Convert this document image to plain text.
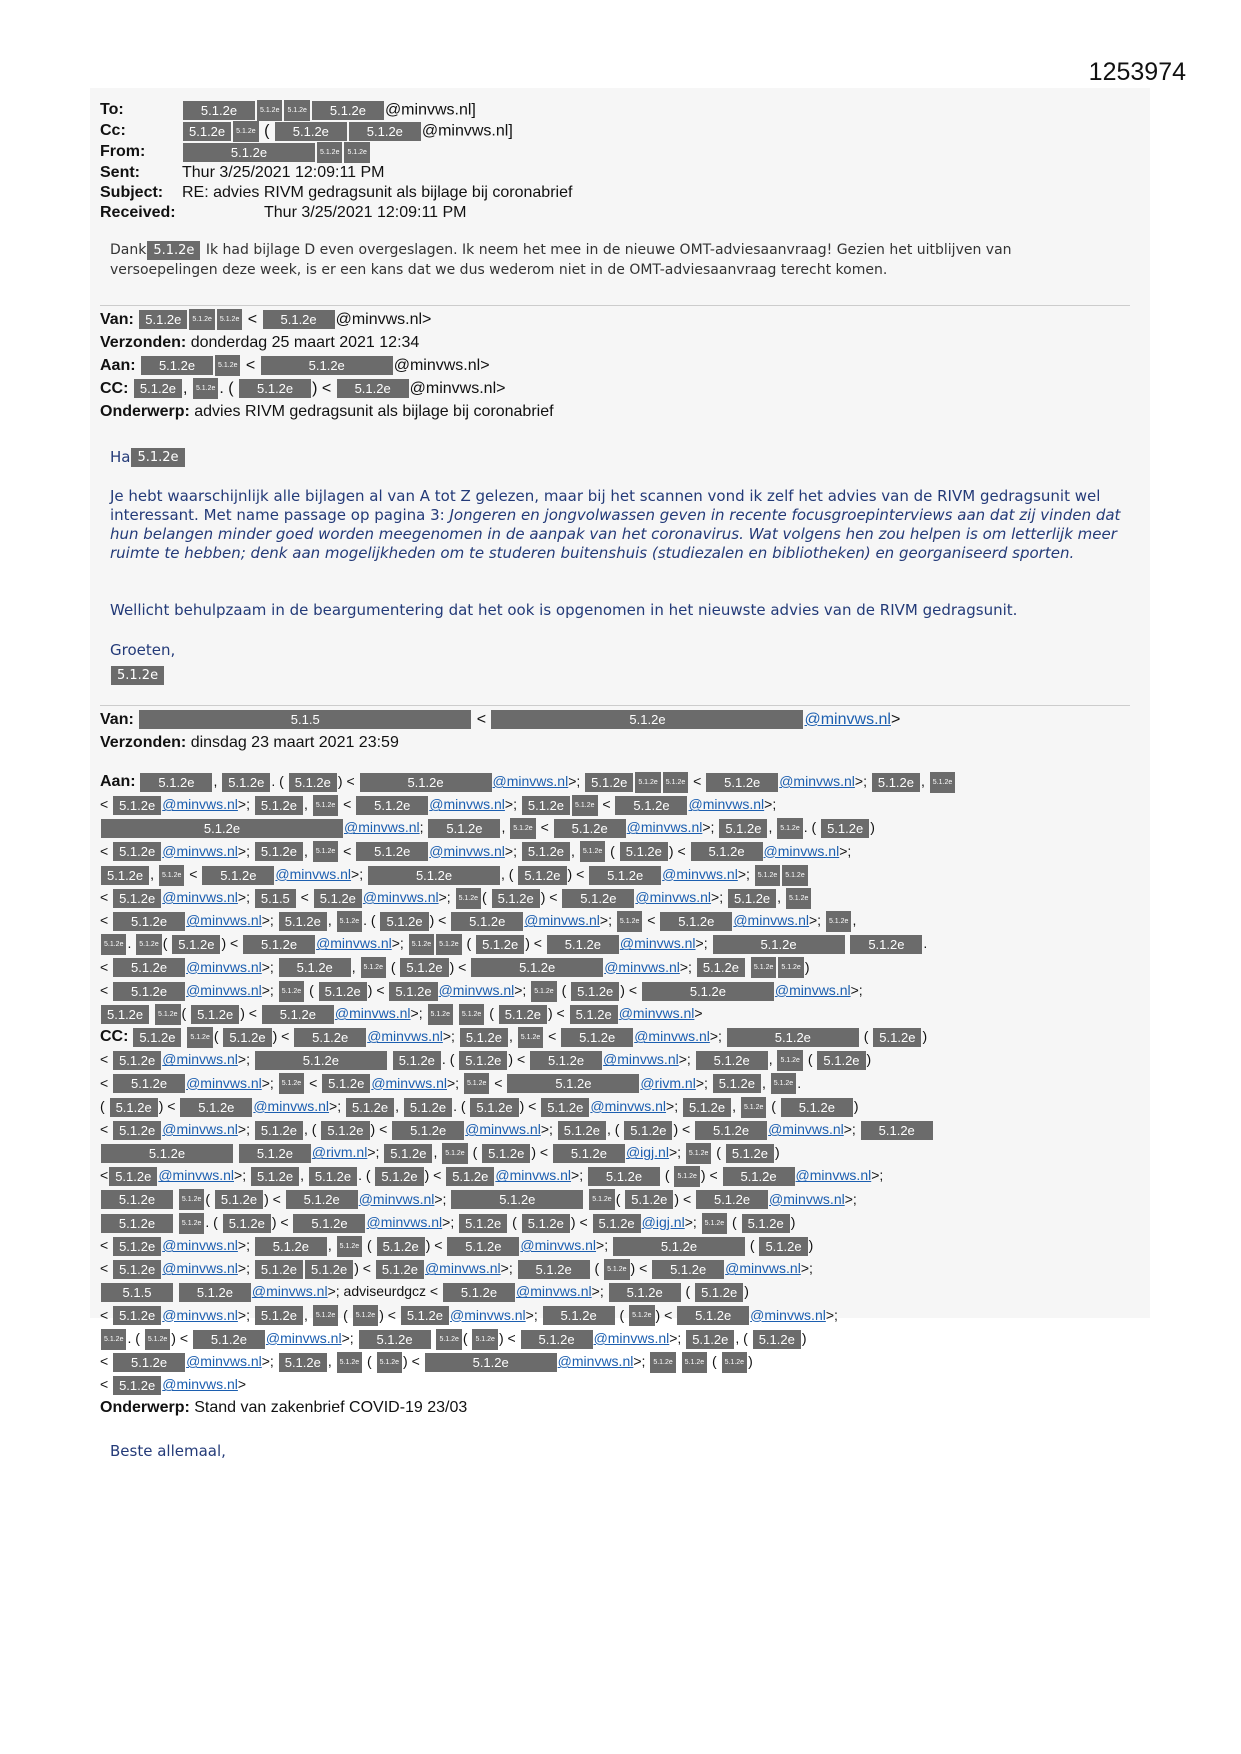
1253974
To:	5.1.2e	5.1.2e 5.1.2e 5.1.2e @minvws.nl]
Cc:	5.1.2e 5.1.2e ( 5.1.2e	5.1.2e @minvws.nl]
From:	5.1.2e	5.1.2e 5.1.2e
Sent:	Thur 3/25/2021 12:09:11 PM
Subject:	RE: advies RIVM gedragsunit als bijlage bij coronabrief
Received:	Thur 3/25/2021 12:09:11 PM
Dank 5.1.2e Ik had bijlage D even overgeslagen. Ik neem het mee in de nieuwe OMT-adviesaanvraag! Gezien het uitblijven van versoepelingen deze week, is er een kans dat we dus wederom niet in de OMT-adviesaanvraag terecht komen.
Van: 5.1.2e 5.1.2e 5.1.2e < 5.1.2e @minvws.nl>
Verzonden: donderdag 25 maart 2021 12:34
Aan: 5.1.2e	5.1.2e <	5.1.2e	@minvws.nl>
CC: 5.1.2e , 5.1.2e . ( 5.1.2e ) < 5.1.2e @minvws.nl>
Onderwerp: advies RIVM gedragsunit als bijlage bij coronabrief
Ha 5.1.2e
Je hebt waarschijnlijk alle bijlagen al van A tot Z gelezen, maar bij het scannen vond ik zelf het advies van de RIVM gedragsunit wel interessant. Met name passage op pagina 3: Jongeren en jongvolwassen geven in recente focusgroepinterviews aan dat zij vinden dat hun belangen minder goed worden meegenomen in de aanpak van het coronavirus. Wat volgens hen zou helpen is om letterlijk meer ruimte te hebben; denk aan mogelijkheden om te studeren buitenshuis (studiezalen en bibliotheken) en georganiseerd sporten.
Wellicht behulpzaam in de beargumentering dat het ook is opgenomen in het nieuwste advies van de RIVM gedragsunit.
Groeten,
5.1.2e
Van:	5.1.5	<	5.1.2e	@minvws.nl>
Verzonden: dinsdag 23 maart 2021 23:59
Aan: 5.1.2e , 5.1.2e . ( 5.1.2e ) <	5.1.2e	@minvws.nl>; 5.1.2e 5.1.2e 5.1.2e < 5.1.2e @minvws.nl>; 5.1.2e , 5.1.2e
< 5.1.2e @minvws.nl>; 5.1.2e , 5.1.2e < 5.1.2e @minvws.nl>; 5.1.2e 5.1.2e < 5.1.2e @minvws.nl>;
5.1.2e	@minvws.nl; 5.1.2e , 5.1.2e < 5.1.2e @minvws.nl>; 5.1.2e , 5.1.2e . ( 5.1.2e )
< 5.1.2e @minvws.nl>; 5.1.2e , 5.1.2e < 5.1.2e @minvws.nl>; 5.1.2e , 5.1.2e ( 5.1.2e ) < 5.1.2e @minvws.nl>;
5.1.2e , 5.1.2e < 5.1.2e @minvws.nl>;	5.1.2e	, ( 5.1.2e ) < 5.1.2e @minvws.nl>; 5.1.2e 5.1.2e
< 5.1.2e @minvws.nl>; 5.1.5 < 5.1.2e @minvws.nl>; 5.1.2e ( 5.1.2e ) < 5.1.2e @minvws.nl>; 5.1.2e , 5.1.2e
< 5.1.2e @minvws.nl>; 5.1.2e , 5.1.2e . ( 5.1.2e ) < 5.1.2e @minvws.nl>; 5.1.2e < 5.1.2e @minvws.nl>; 5.1.2e ,
5.1.2e . 5.1.2e ( 5.1.2e ) < 5.1.2e @minvws.nl>; 5.1.2e 5.1.2e ( 5.1.2e ) < 5.1.2e @minvws.nl>;	5.1.2e	5.1.2e .
< 5.1.2e @minvws.nl>; 5.1.2e , 5.1.2e ( 5.1.2e ) <	5.1.2e	@minvws.nl>; 5.1.2e 5.1.2e 5.1.2e )
< 5.1.2e @minvws.nl>; 5.1.2e ( 5.1.2e ) < 5.1.2e @minvws.nl>; 5.1.2e ( 5.1.2e ) <	5.1.2e	@minvws.nl>;
5.1.2e 5.1.2e ( 5.1.2e ) < 5.1.2e @minvws.nl>; 5.1.2e 5.1.2e ( 5.1.2e ) < 5.1.2e @minvws.nl>
CC: 5.1.2e 5.1.2e ( 5.1.2e ) < 5.1.2e @minvws.nl>; 5.1.2e , 5.1.2e < 5.1.2e @minvws.nl>;	5.1.2e	( 5.1.2e )
< 5.1.2e @minvws.nl>;	5.1.2e	5.1.2e . ( 5.1.2e ) < 5.1.2e @minvws.nl>; 5.1.2e , 5.1.2e ( 5.1.2e )
< 5.1.2e @minvws.nl>; 5.1.2e < 5.1.2e @minvws.nl>; 5.1.2e <	5.1.2e	@rivm.nl>; 5.1.2e , 5.1.2e .
( 5.1.2e ) < 5.1.2e @minvws.nl>; 5.1.2e , 5.1.2e . ( 5.1.2e ) < 5.1.2e @minvws.nl>; 5.1.2e , 5.1.2e ( 5.1.2e )
< 5.1.2e @minvws.nl>; 5.1.2e , ( 5.1.2e ) < 5.1.2e @minvws.nl>; 5.1.2e , ( 5.1.2e ) < 5.1.2e @minvws.nl>; 5.1.2e
5.1.2e	5.1.2e @rivm.nl>; 5.1.2e , 5.1.2e ( 5.1.2e ) < 5.1.2e @igj.nl>; 5.1.2e ( 5.1.2e )
< 5.1.2e @minvws.nl>; 5.1.2e , 5.1.2e . ( 5.1.2e ) < 5.1.2e @minvws.nl>; 5.1.2e ( 5.1.2e ) < 5.1.2e @minvws.nl>;
5.1.2e	5.1.2e ( 5.1.2e ) < 5.1.2e @minvws.nl>;	5.1.2e	5.1.2e ( 5.1.2e ) < 5.1.2e @minvws.nl>;
5.1.2e	5.1.2e . ( 5.1.2e ) < 5.1.2e @minvws.nl>; 5.1.2e ( 5.1.2e ) < 5.1.2e @igj.nl>; 5.1.2e ( 5.1.2e )
< 5.1.2e @minvws.nl>; 5.1.2e , 5.1.2e ( 5.1.2e ) < 5.1.2e @minvws.nl>;	5.1.2e	( 5.1.2e )
< 5.1.2e @minvws.nl>; 5.1.2e 5.1.2e ) < 5.1.2e @minvws.nl>; 5.1.2e ( 5.1.2e ) < 5.1.2e @minvws.nl>;
5.1.5	5.1.2e @minvws.nl>; adviseurdgcz < 5.1.2e @minvws.nl>; 5.1.2e ( 5.1.2e )
< 5.1.2e @minvws.nl>; 5.1.2e , 5.1.2e ( 5.1.2e ) < 5.1.2e @minvws.nl>; 5.1.2e ( 5.1.2e ) < 5.1.2e @minvws.nl>;
5.1.2e . ( 5.1.2e ) < 5.1.2e @minvws.nl>; 5.1.2e	5.1.2e ( 5.1.2e ) < 5.1.2e @minvws.nl>; 5.1.2e , ( 5.1.2e )
< 5.1.2e @minvws.nl>; 5.1.2e , 5.1.2e ( 5.1.2e ) <	5.1.2e	@minvws.nl>; 5.1.2e 5.1.2e ( 5.1.2e )
< 5.1.2e @minvws.nl>
Onderwerp: Stand van zakenbrief COVID-19 23/03
Beste allemaal,
